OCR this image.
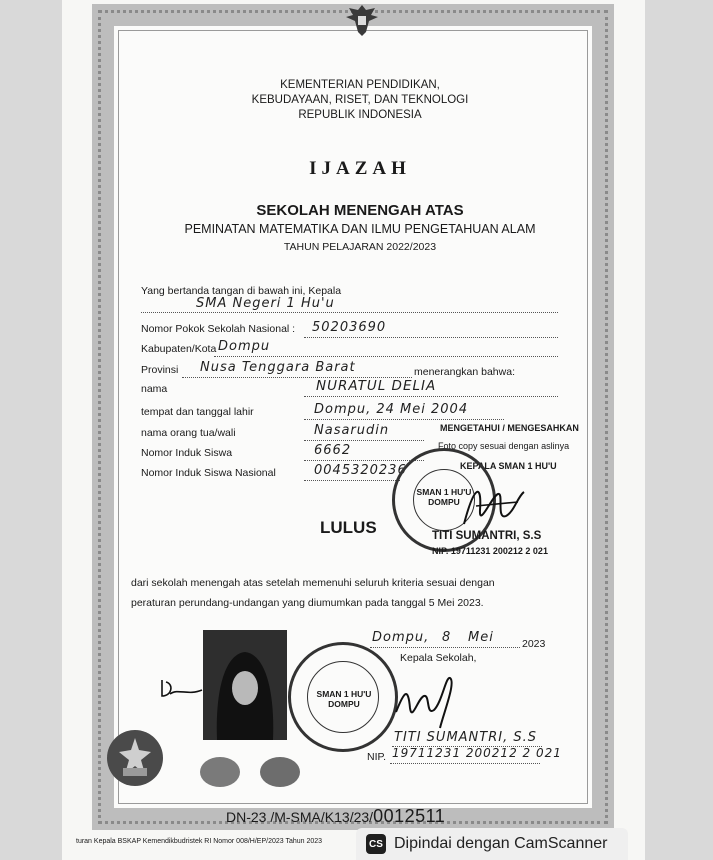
KEMENTERIAN PENDIDIKAN,
KEBUDAYAAN, RISET, DAN TEKNOLOGI
REPUBLIK INDONESIA
IJAZAH
SEKOLAH MENENGAH ATAS
PEMINATAN MATEMATIKA DAN ILMU PENGETAHUAN ALAM
TAHUN PELAJARAN 2022/2023
Yang bertanda tangan di bawah ini, Kepala
SMA Negeri 1 Hu'u
Nomor Pokok Sekolah Nasional : 50203690
Kabupaten/Kota Dompu
Provinsi Nusa Tenggara Barat	menerangkan bahwa:
nama	NURATUL DELIA
tempat dan tanggal lahir	Dompu, 24 Mei 2004
nama orang tua/wali	Nasarudin
Nomor Induk Siswa	6662
Nomor Induk Siswa Nasional	0045320236
MENGETAHUI / MENGESAHKAN
Foto copy sesuai dengan aslinya
KEPALA SMAN 1 HU'U
SMAN 1 HU'U DOMPU
TITI SUMANTRI, S.S
NIP. 19711231 200212 2 021
LULUS
dari sekolah menengah atas setelah memenuhi seluruh kriteria sesuai dengan
peraturan perundang-undangan yang diumumkan pada tanggal 5 Mei 2023.
Dompu, 8 Mei	2023
Kepala Sekolah,
SMAN 1 HU'U DOMPU
TITI SUMANTRI, S.S
NIP. 19711231 200212 2 021
DN-23 /M-SMA/K13/23/0012511
turan Kepala BSKAP Kemendikbudristek RI Nomor 008/H/EP/2023 Tahun 2023	CS Dipindai dengan CamScanner
